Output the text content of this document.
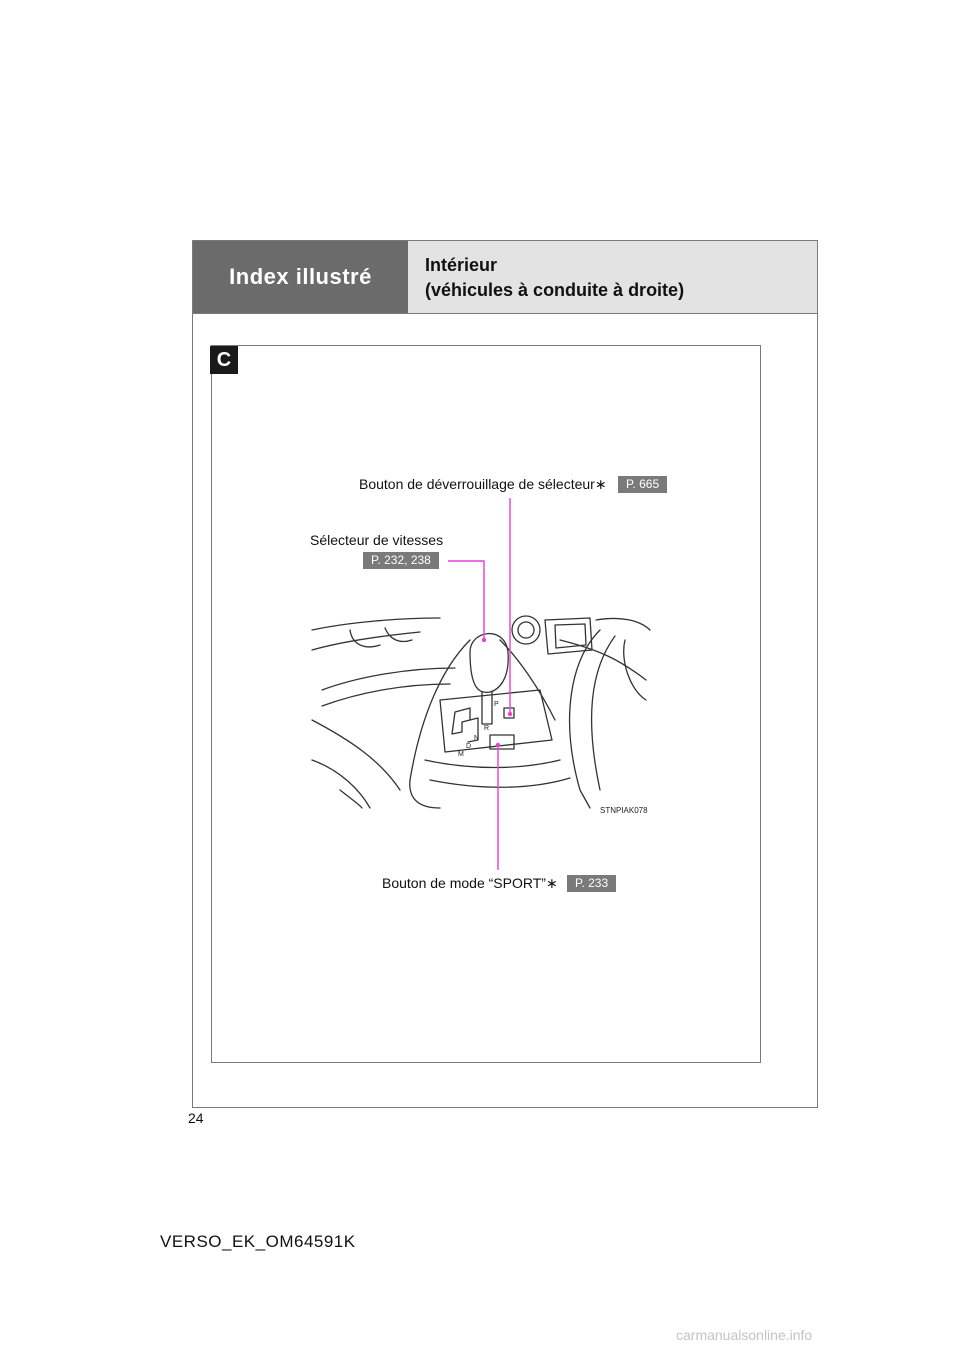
Index illustré	Intérieur
(véhicules à conduite à droite)
C
P
R
N
D
M
STNPIAK078
Bouton de déverrouillage de sélecteur∗	P. 665
Sélecteur de vitesses
P. 232, 238
Bouton de mode “SPORT”∗	P. 233
24
VERSO_EK_OM64591K
carmanualsonline.info
